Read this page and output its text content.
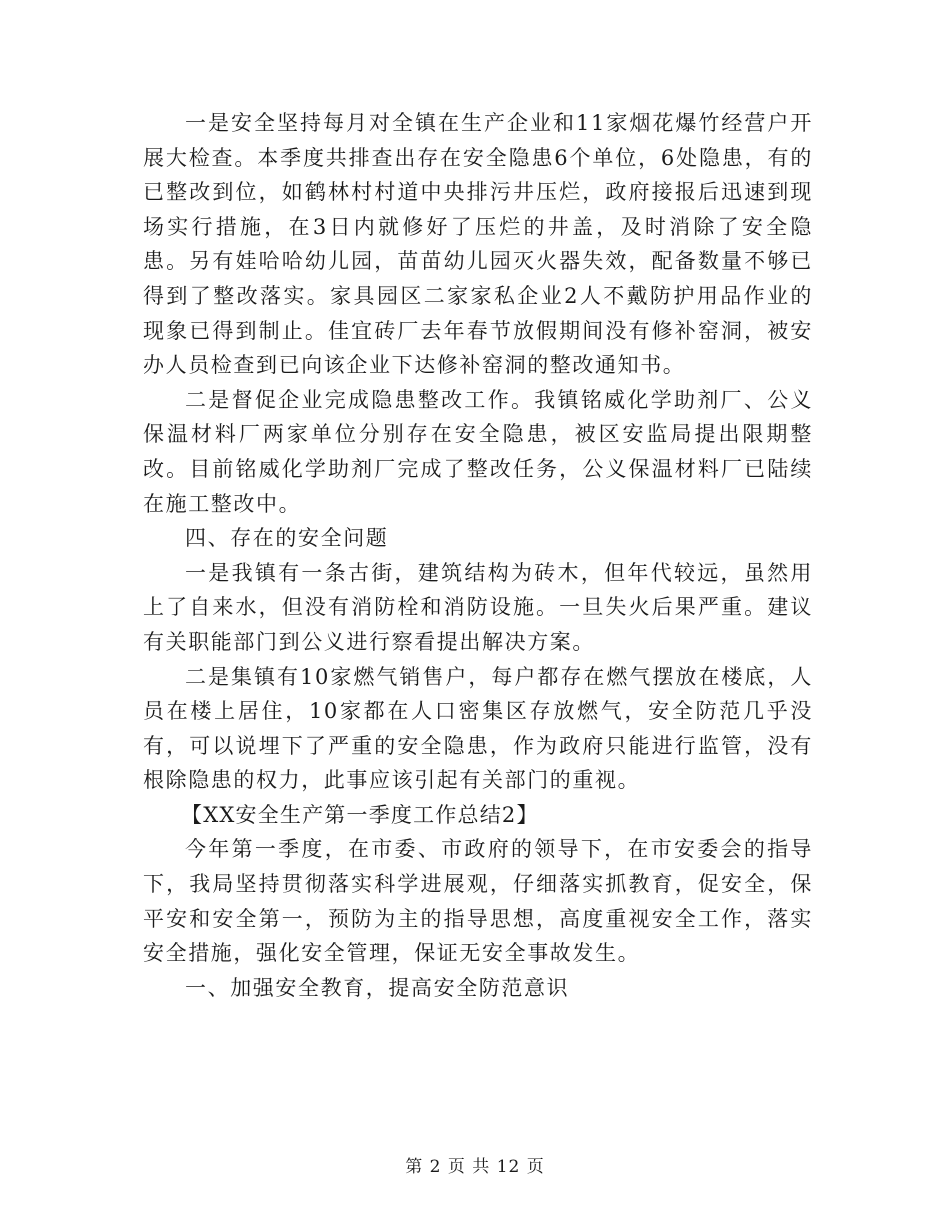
一是安全坚持每月对全镇在生产企业和11家烟花爆竹经营户开展大检查。本季度共排查出存在安全隐患6个单位，6处隐患，有的已整改到位，如鹤林村村道中央排污井压烂，政府接报后迅速到现场实行措施，在3日内就修好了压烂的井盖，及时消除了安全隐患。另有娃哈哈幼儿园，苗苗幼儿园灭火器失效，配备数量不够已得到了整改落实。家具园区二家家私企业2人不戴防护用品作业的现象已得到制止。佳宜砖厂去年春节放假期间没有修补窑洞，被安办人员检查到已向该企业下达修补窑洞的整改通知书。

二是督促企业完成隐患整改工作。我镇铭威化学助剂厂、公义保温材料厂两家单位分别存在安全隐患，被区安监局提出限期整改。目前铭威化学助剂厂完成了整改任务，公义保温材料厂已陆续在施工整改中。

四、存在的安全问题

一是我镇有一条古街，建筑结构为砖木，但年代较远，虽然用上了自来水，但没有消防栓和消防设施。一旦失火后果严重。建议有关职能部门到公义进行察看提出解决方案。

二是集镇有10家燃气销售户，每户都存在燃气摆放在楼底，人员在楼上居住，10家都在人口密集区存放燃气，安全防范几乎没有，可以说埋下了严重的安全隐患，作为政府只能进行监管，没有根除隐患的权力，此事应该引起有关部门的重视。

【XX安全生产第一季度工作总结2】

今年第一季度，在市委、市政府的领导下，在市安委会的指导下，我局坚持贯彻落实科学进展观，仔细落实抓教育，促安全，保平安和安全第一，预防为主的指导思想，高度重视安全工作，落实安全措施，强化安全管理，保证无安全事故发生。

一、加强安全教育，提高安全防范意识

第 2 页 共 12 页
